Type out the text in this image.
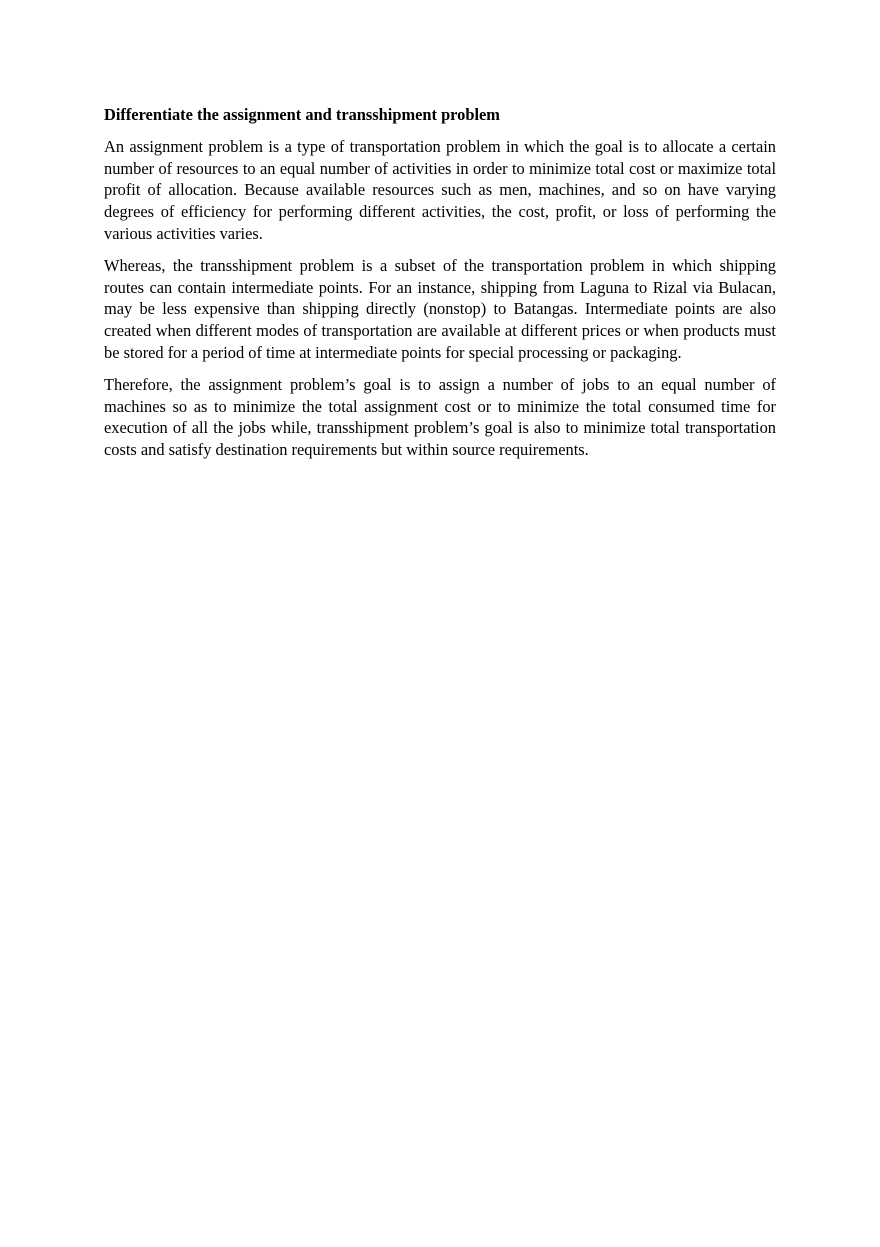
Differentiate the assignment and transshipment problem

An assignment problem is a type of transportation problem in which the goal is to allocate a certain number of resources to an equal number of activities in order to minimize total cost or maximize total profit of allocation. Because available resources such as men, machines, and so on have varying degrees of efficiency for performing different activities, the cost, profit, or loss of performing the various activities varies.

Whereas, the transshipment problem is a subset of the transportation problem in which shipping routes can contain intermediate points. For an instance, shipping from Laguna to Rizal via Bulacan, may be less expensive than shipping directly (nonstop) to Batangas. Intermediate points are also created when different modes of transportation are available at different prices or when products must be stored for a period of time at intermediate points for special processing or packaging.

Therefore, the assignment problem’s goal is to assign a number of jobs to an equal number of machines so as to minimize the total assignment cost or to minimize the total consumed time for execution of all the jobs while, transshipment problem’s goal is also to minimize total transportation costs and satisfy destination requirements but within source requirements.
